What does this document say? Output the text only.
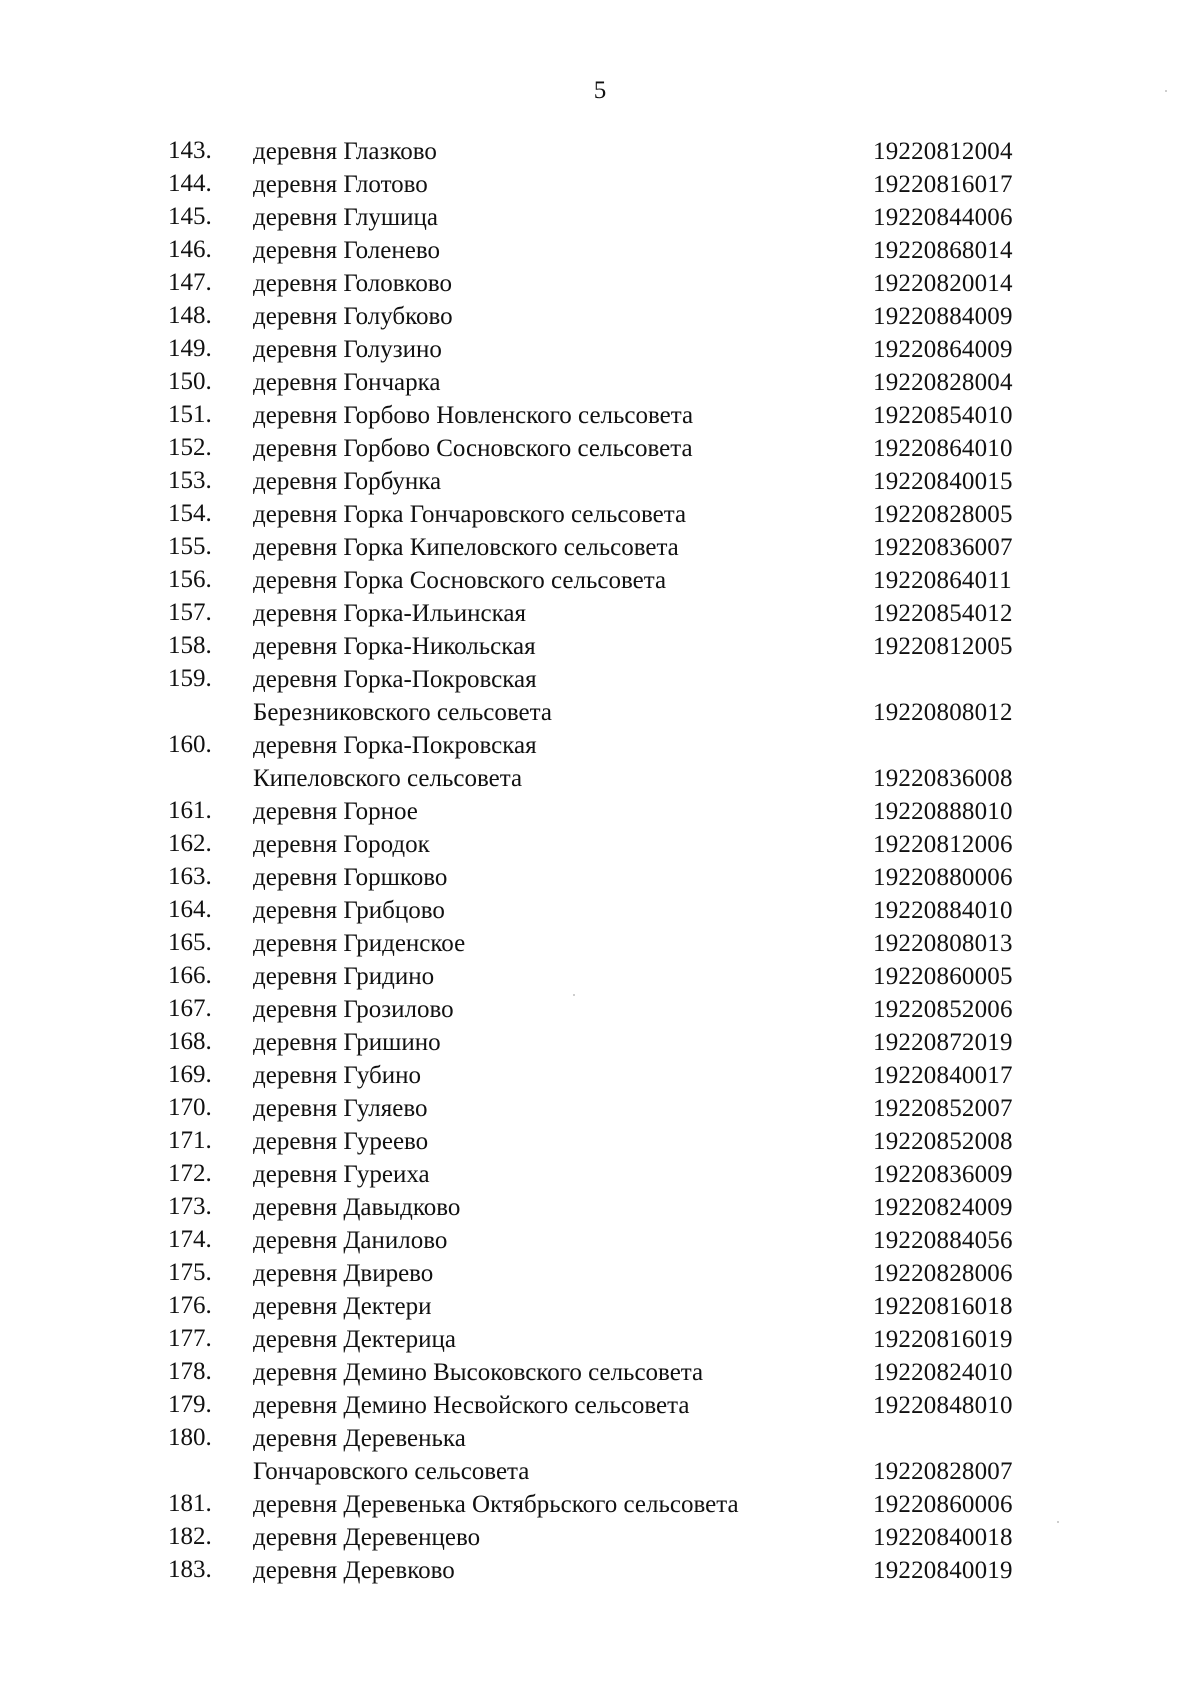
5
143. деревня Глазково	19220812004
144. деревня Глотово	19220816017
145. деревня Глушица	19220844006
146. деревня Голенево	19220868014
147. деревня Головково	19220820014
148. деревня Голубково	19220884009
149. деревня Голузино	19220864009
150. деревня Гончарка	19220828004
151. деревня Горбово Новленского сельсовета	19220854010
152. деревня Горбово Сосновского сельсовета	19220864010
153. деревня Горбунка	19220840015
154. деревня Горка Гончаровского сельсовета	19220828005
155. деревня Горка Кипеловского сельсовета	19220836007
156. деревня Горка Сосновского сельсовета	19220864011
157. деревня Горка-Ильинская	19220854012
158. деревня Горка-Никольская	19220812005
159. деревня Горка-Покровская
Березниковского сельсовета	19220808012
160. деревня Горка-Покровская
Кипеловского сельсовета	19220836008
161. деревня Горное	19220888010
162. деревня Городок	19220812006
163. деревня Горшково	19220880006
164. деревня Грибцово	19220884010
165. деревня Гриденское	19220808013
166. деревня Гридино	19220860005
167. деревня Грозилово	19220852006
168. деревня Гришино	19220872019
169. деревня Губино	19220840017
170. деревня Гуляево	19220852007
171. деревня Гуреево	19220852008
172. деревня Гуреиха	19220836009
173. деревня Давыдково	19220824009
174. деревня Данилово	19220884056
175. деревня Двирево	19220828006
176. деревня Дектери	19220816018
177. деревня Дектерица	19220816019
178. деревня Демино Высоковского сельсовета	19220824010
179. деревня Демино Несвойского сельсовета	19220848010
180. деревня Деревенька
Гончаровского сельсовета	19220828007
181. деревня Деревенька Октябрьского сельсовета	19220860006
182. деревня Деревенцево	19220840018
183. деревня Деревково	19220840019
